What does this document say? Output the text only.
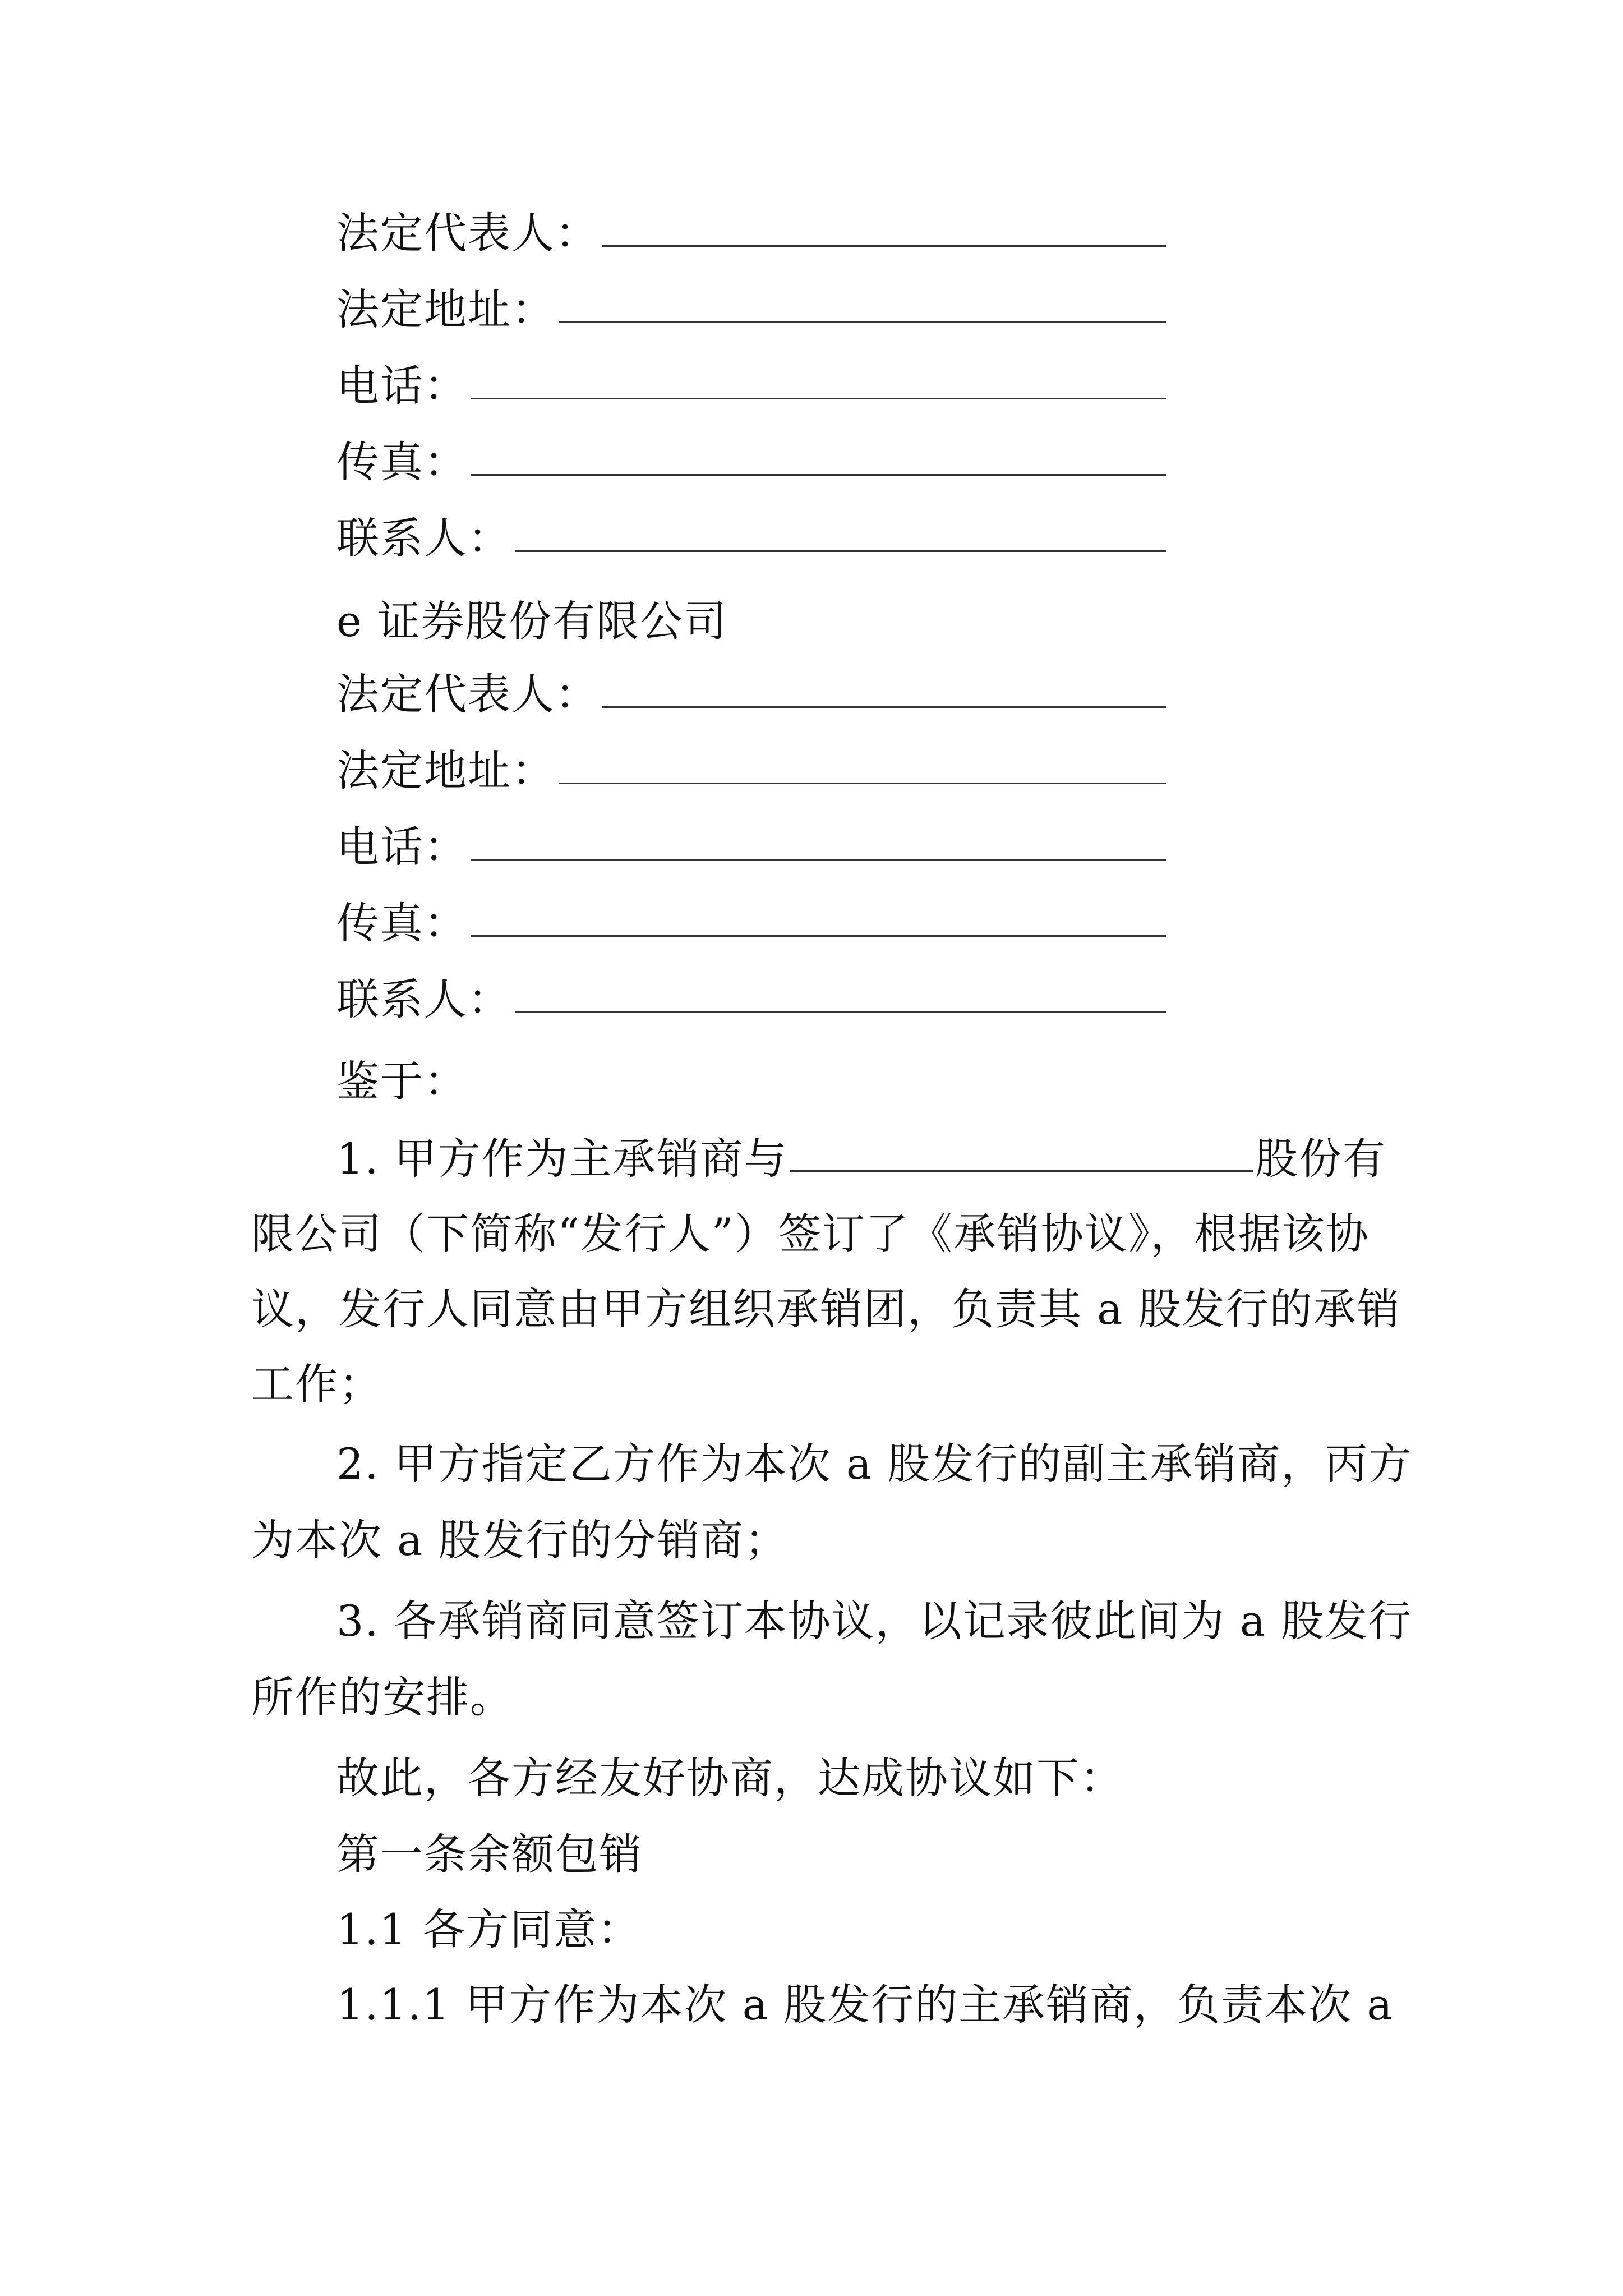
法定代表人：
法定地址：
电话：
传真：
联系人：
e 证券股份有限公司
法定代表人：
法定地址：
电话：
传真：
联系人：
鉴于：
1. 甲方作为主承销商与	股份有
限公司（下简称“发行人”）签订了《承销协议》，根据该协
议，发行人同意由甲方组织承销团，负责其 a 股发行的承销
工作；
2. 甲方指定乙方作为本次 a 股发行的副主承销商，丙方
为本次 a 股发行的分销商；
3. 各承销商同意签订本协议，以记录彼此间为 a 股发行
所作的安排。
故此，各方经友好协商，达成协议如下：
第一条余额包销
1.1 各方同意：
1.1.1 甲方作为本次 a 股发行的主承销商，负责本次 a
